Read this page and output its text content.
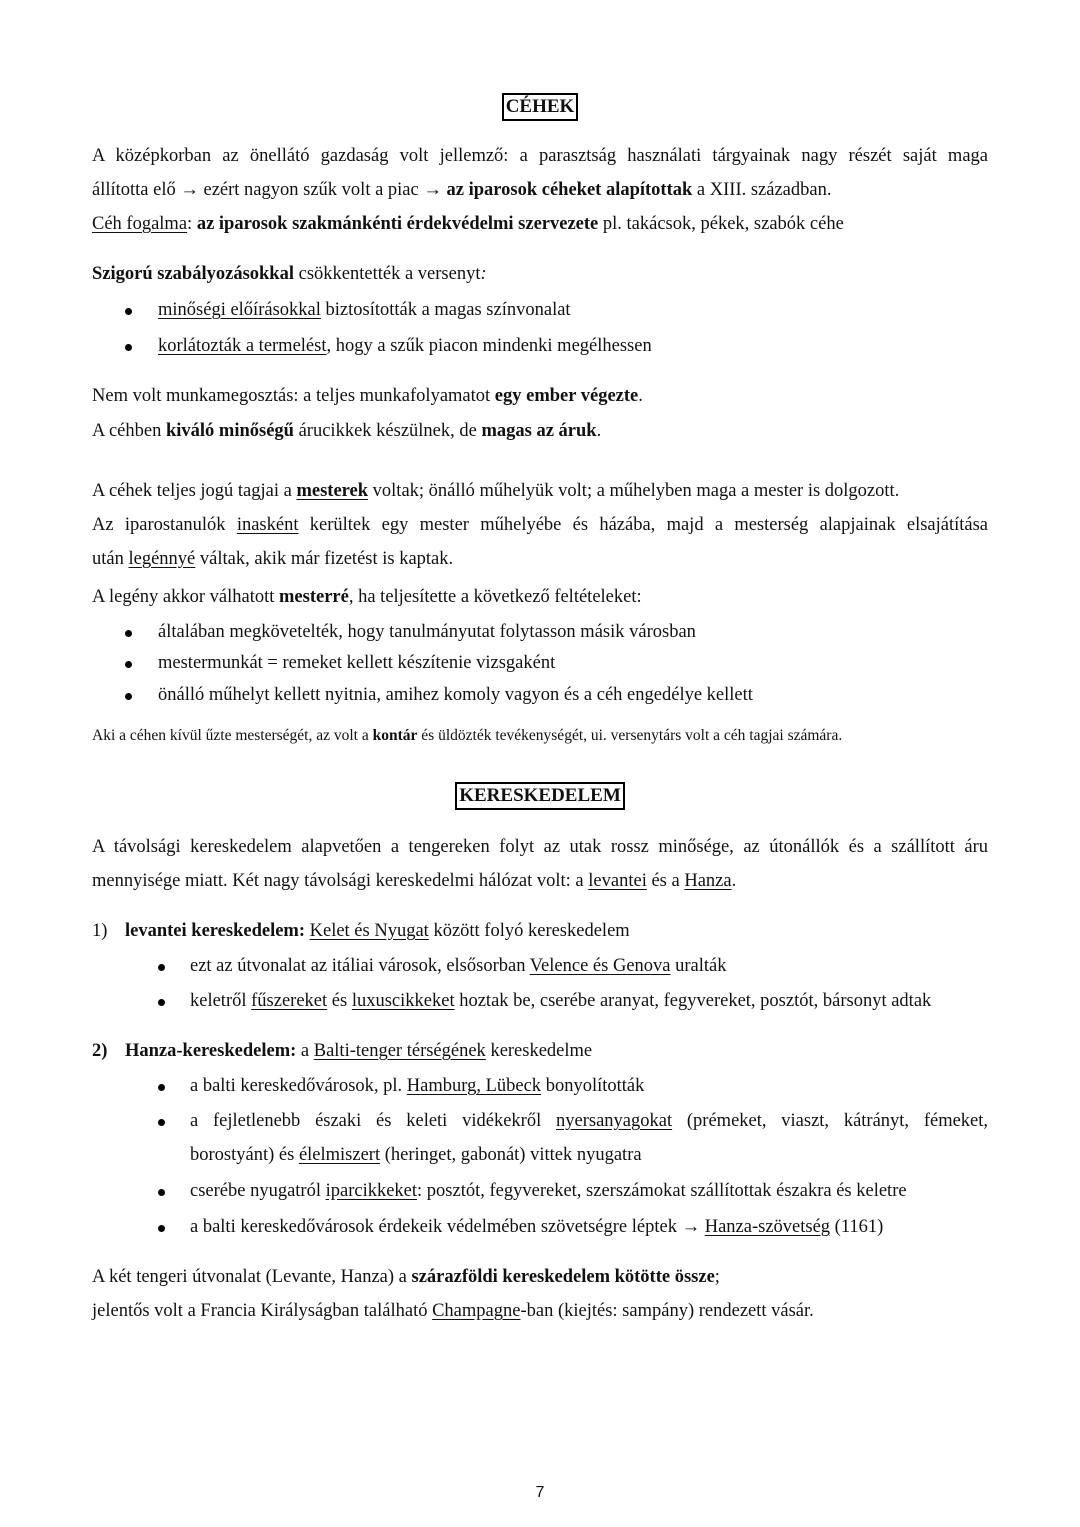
CÉHEK
A középkorban az önellátó gazdaság volt jellemző: a parasztság használati tárgyainak nagy részét saját maga
állította elő → ezért nagyon szűk volt a piac → az iparosok céheket alapítottak a XIII. században.
Céh fogalma: az iparosok szakmánkénti érdekvédelmi szervezete pl. takácsok, pékek, szabók céhe
Szigorú szabályozásokkal csökkentették a versenyt:
minőségi előírásokkal biztosították a magas színvonalat
korlátozták a termelést, hogy a szűk piacon mindenki megélhessen
Nem volt munkamegosztás: a teljes munkafolyamatot egy ember végezte.
A céhben kiváló minőségű árucikkek készülnek, de magas az áruk.
A céhek teljes jogú tagjai a mesterek voltak; önálló műhelyük volt; a műhelyben maga a mester is dolgozott.
Az iparostanulók inasként kerültek egy mester műhelyébe és házába, majd a mesterség alapjainak elsajátítása
után legénnyé váltak, akik már fizetést is kaptak.
A legény akkor válhatott mesterré, ha teljesítette a következő feltételeket:
általában megkövetelték, hogy tanulmányutat folytasson másik városban
mestermunkát = remeket kellett készítenie vizsgaként
önálló műhelyt kellett nyitnia, amihez komoly vagyon és a céh engedélye kellett
Aki a céhen kívül űzte mesterségét, az volt a kontár és üldözték tevékenységét, ui. versenytárs volt a céh tagjai számára.
KERESKEDELEM
A távolsági kereskedelem alapvetően a tengereken folyt az utak rossz minősége, az útonállók és a szállított áru
mennyisége miatt. Két nagy távolsági kereskedelmi hálózat volt: a levantei és a Hanza.
1) levantei kereskedelem: Kelet és Nyugat között folyó kereskedelem
ezt az útvonalat az itáliai városok, elsősorban Velence és Genova uralták
keletről fűszereket és luxuscikkeket hoztak be, cserébe aranyat, fegyvereket, posztót, bársonyt adtak
2) Hanza-kereskedelem: a Balti-tenger térségének kereskedelme
a balti kereskedővárosok, pl. Hamburg, Lübeck bonyolították
a fejletlenebb északi és keleti vidékekről nyersanyagokat (prémeket, viaszt, kátrányt, fémeket,
borostyánt) és élelmiszert (heringet, gabonát) vittek nyugatra
cserébe nyugatról iparcikkeket: posztót, fegyvereket, szerszámokat szállítottak északra és keletre
a balti kereskedővárosok érdekeik védelmében szövetségre léptek → Hanza-szövetség (1161)
A két tengeri útvonalat (Levante, Hanza) a szárazföldi kereskedelem kötötte össze;
jelentős volt a Francia Királyságban található Champagne-ban (kiejtés: sampány) rendezett vásár.
7
